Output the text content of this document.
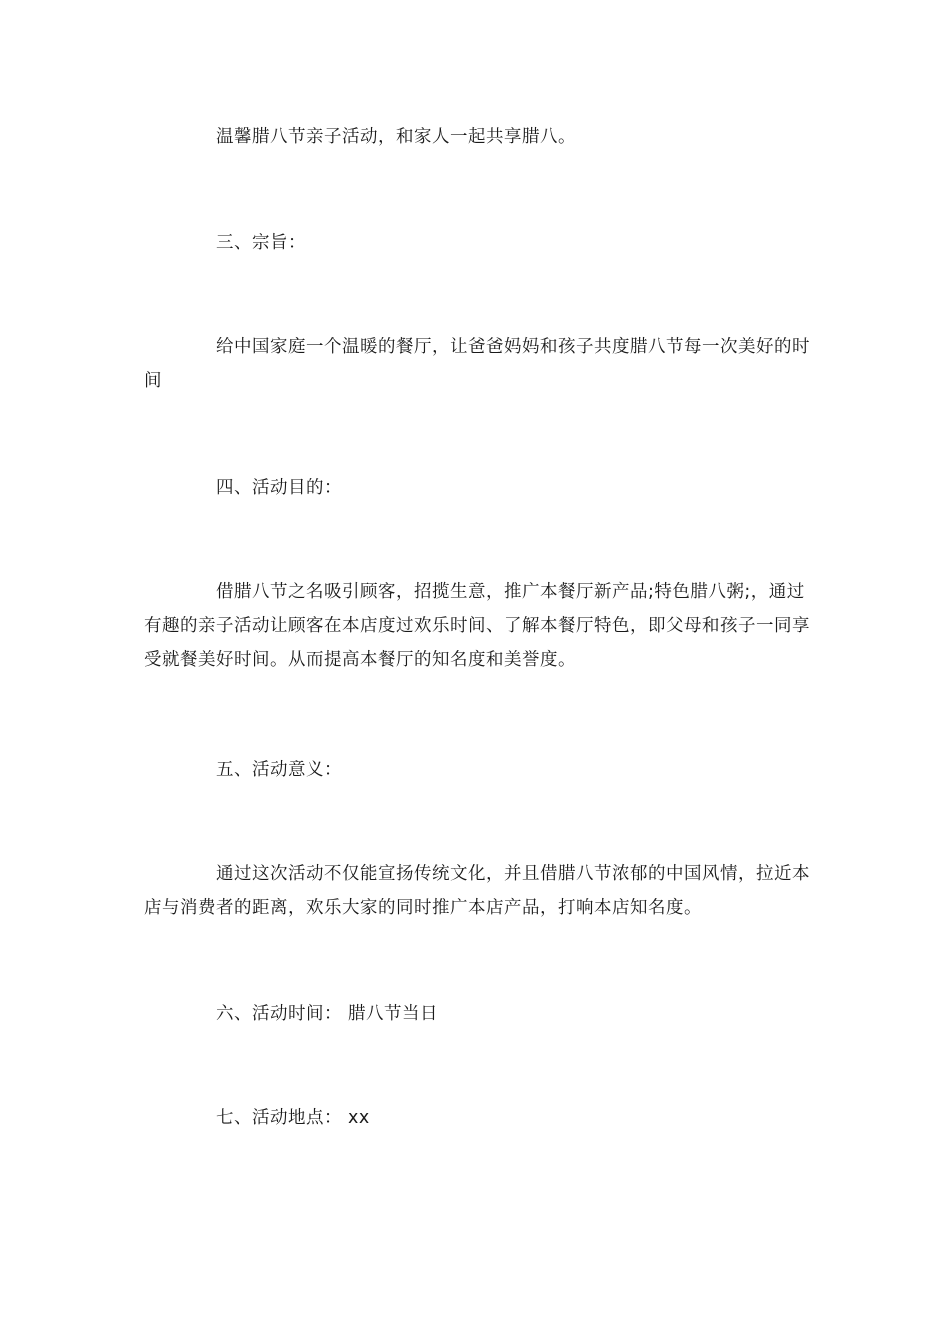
温馨腊八节亲子活动，和家人一起共享腊八。

三、宗旨：

给中国家庭一个温暖的餐厅，让爸爸妈妈和孩子共度腊八节每一次美好的时间

四、活动目的：

借腊八节之名吸引顾客，招揽生意，推广本餐厅新产品;特色腊八粥;，通过有趣的亲子活动让顾客在本店度过欢乐时间、了解本餐厅特色，即父母和孩子一同享受就餐美好时间。从而提高本餐厅的知名度和美誉度。

五、活动意义：

通过这次活动不仅能宣扬传统文化，并且借腊八节浓郁的中国风情，拉近本店与消费者的距离，欢乐大家的同时推广本店产品，打响本店知名度。

六、活动时间： 腊八节当日

七、活动地点： xx
